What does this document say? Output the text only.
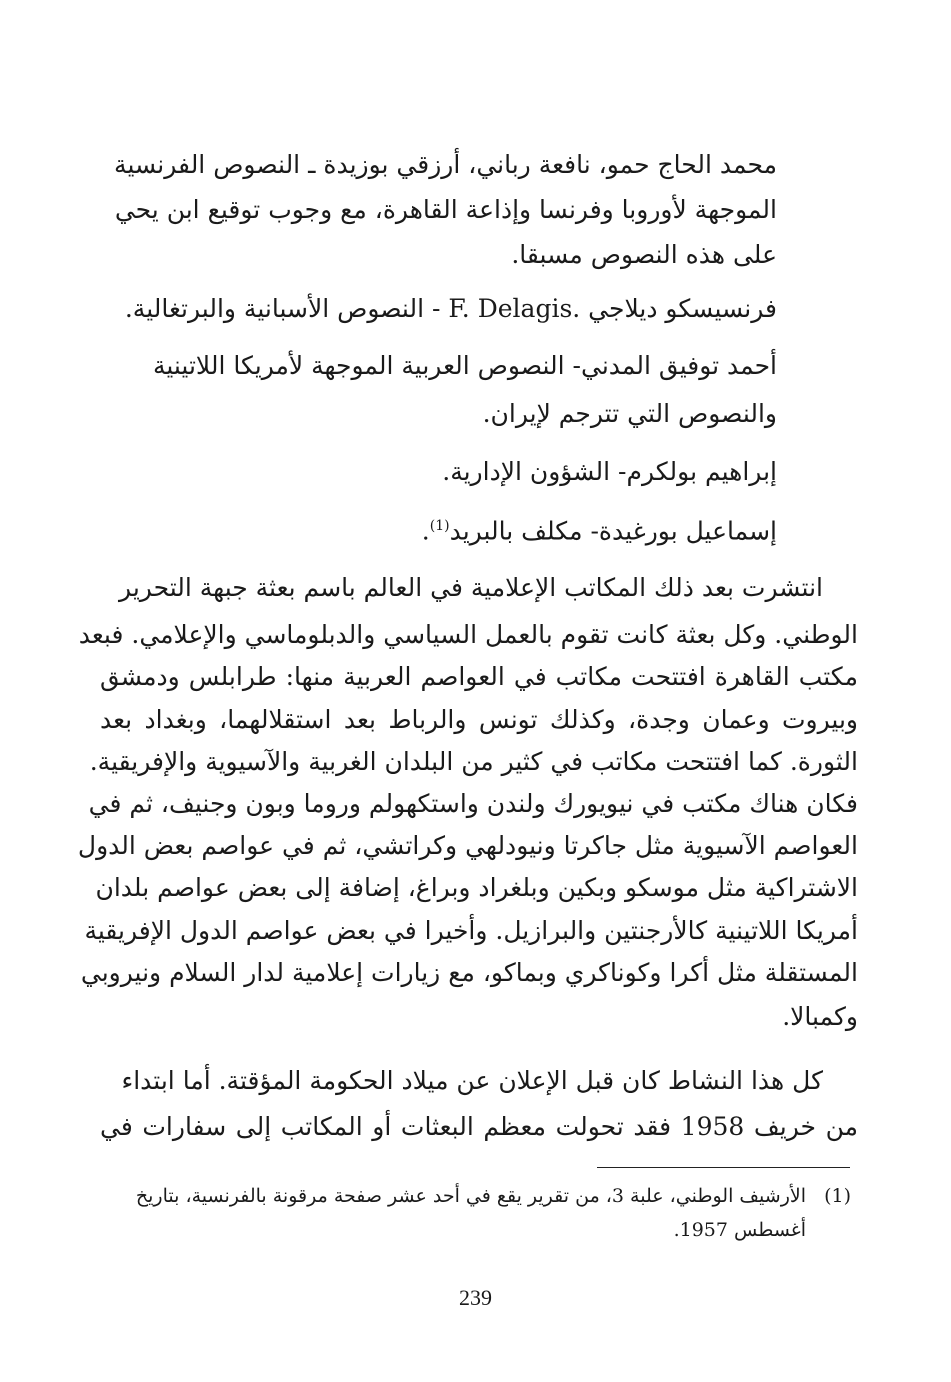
محمد الحاج حمو، نافعة رباني، أرزقي بوزيدة ـ النصوص الفرنسية
الموجهة لأوروبا وفرنسا وإذاعة القاهرة، مع وجوب توقيع ابن يحي
على هذه النصوص مسبقا.
فرنسيسكو ديلاجي .F. Delagis - النصوص الأسبانية والبرتغالية.
أحمد توفيق المدني- النصوص العربية الموجهة لأمريكا اللاتينية
والنصوص التي تترجم لإيران.
إبراهيم بولكرم- الشؤون الإدارية.
إسماعيل بورغيدة- مكلف بالبريد$^{(1)}$.
انتشرت بعد ذلك المكاتب الإعلامية في العالم باسم بعثة جبهة التحرير
الوطني. وكل بعثة كانت تقوم بالعمل السياسي والدبلوماسي والإعلامي. فبعد
مكتب القاهرة افتتحت مكاتب في العواصم العربية منها: طرابلس ودمشق
وبيروت وعمان وجدة، وكذلك تونس والرباط بعد استقلالهما، وبغداد بعد
الثورة. كما افتتحت مكاتب في كثير من البلدان الغربية والآسيوية والإفريقية.
فكان هناك مكتب في نيويورك ولندن واستكهولم وروما وبون وجنيف، ثم في
العواصم الآسيوية مثل جاكرتا ونيودلهي وكراتشي، ثم في عواصم بعض الدول
الاشتراكية مثل موسكو وبكين وبلغراد وبراغ، إضافة إلى بعض عواصم بلدان
أمريكا اللاتينية كالأرجنتين والبرازيل. وأخيرا في بعض عواصم الدول الإفريقية
المستقلة مثل أكرا وكوناكري وبماكو، مع زيارات إعلامية لدار السلام ونيروبي
وكمبالا.
كل هذا النشاط كان قبل الإعلان عن ميلاد الحكومة المؤقتة. أما ابتداء
من خريف 1958 فقد تحولت معظم البعثات أو المكاتب إلى سفارات في
(1)
الأرشيف الوطني، علبة 3، من تقرير يقع في أحد عشر صفحة مرقونة بالفرنسية، بتاريخ
أغسطس 1957.
239
